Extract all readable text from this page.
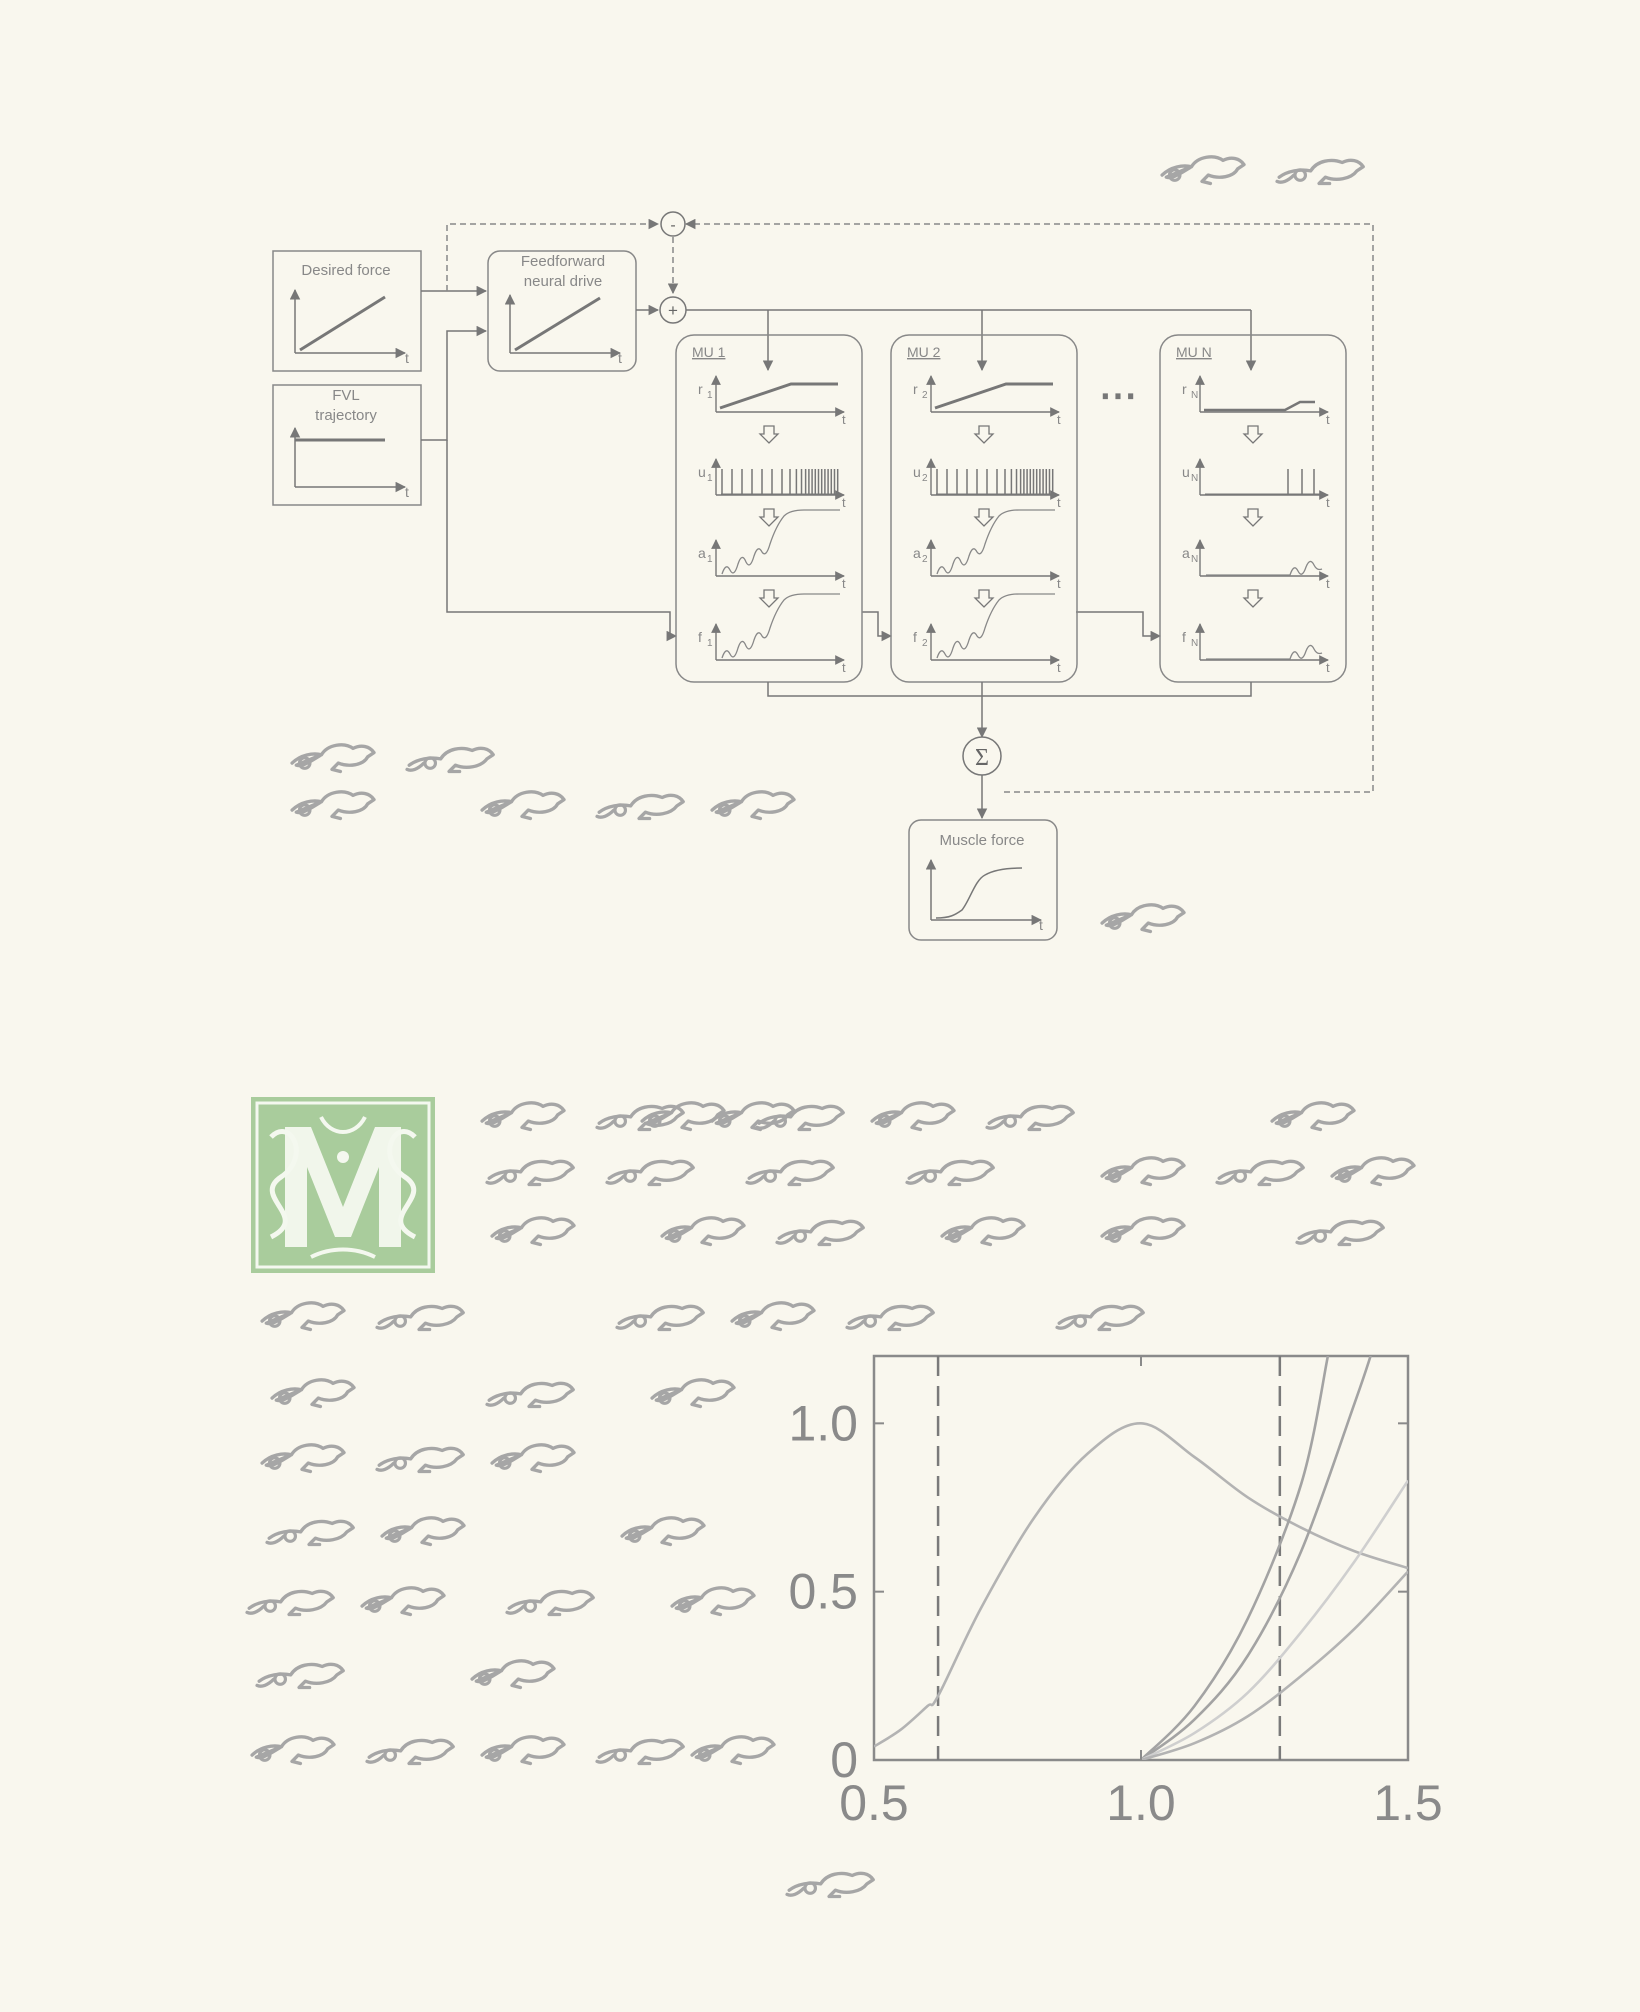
Desired force
t
FVL
trajectory
t
Feedforward
neural drive
t
-
+
MU 1
r 1
t
u 1
t
a 1
t
f 1
t
MU 2
r 2
t
u 2
t
a 2
t
f 2
t
MU N
r N
t
u N
t
a N
t
f N
t
⋯
Σ
Muscle force
t
0.5	1.0	1.5
0
0.5
1.0
